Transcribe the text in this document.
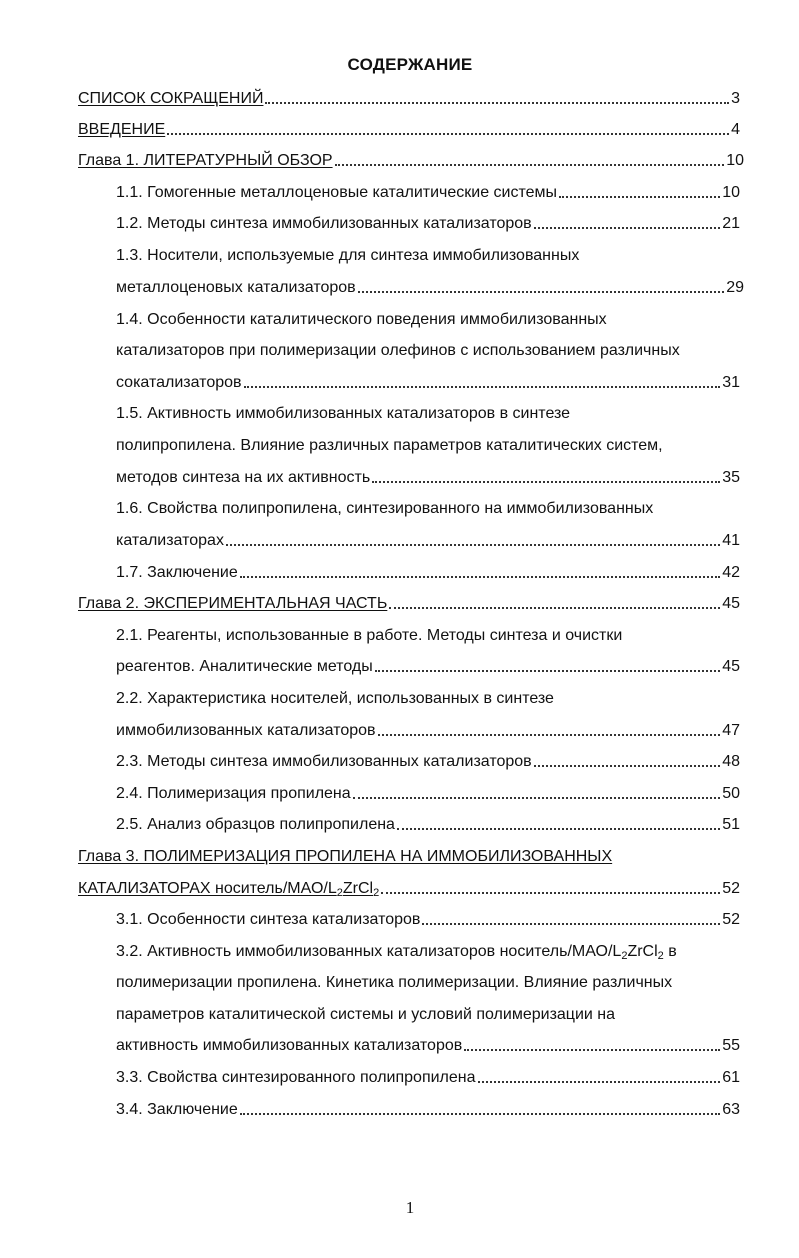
СОДЕРЖАНИЕ
СПИСОК СОКРАЩЕНИЙ	3
ВВЕДЕНИЕ	4
Глава 1. ЛИТЕРАТУРНЫЙ ОБЗОР	10
1.1. Гомогенные металлоценовые каталитические системы	10
1.2. Методы синтеза иммобилизованных катализаторов	21
1.3. Носители, используемые для синтеза иммобилизованных
металлоценовых катализаторов	29
1.4. Особенности каталитического поведения иммобилизованных
катализаторов при полимеризации олефинов с использованием различных
сокатализаторов	31
1.5. Активность иммобилизованных катализаторов в синтезе
полипропилена. Влияние различных параметров каталитических систем,
методов синтеза на их активность	35
1.6. Свойства полипропилена, синтезированного на иммобилизованных
катализаторах	41
1.7. Заключение	42
Глава 2. ЭКСПЕРИМЕНТАЛЬНАЯ ЧАСТЬ	45
2.1. Реагенты, использованные в работе. Методы синтеза и очистки
реагентов. Аналитические методы	45
2.2. Характеристика носителей, использованных в синтезе
иммобилизованных катализаторов	47
2.3. Методы синтеза иммобилизованных катализаторов	48
2.4. Полимеризация пропилена	50
2.5. Анализ образцов полипропилена	51
Глава 3. ПОЛИМЕРИЗАЦИЯ ПРОПИЛЕНА НА ИММОБИЛИЗОВАННЫХ
КАТАЛИЗАТОРАХ носитель/$МАО/L_2ZrCl_2$	52
3.1. Особенности синтеза катализаторов	52
3.2. Активность иммобилизованных катализаторов носитель/$МАО/L_2ZrCl_2$ в
полимеризации пропилена. Кинетика полимеризации. Влияние различных
параметров каталитической системы и условий полимеризации на
активность иммобилизованных катализаторов	55
3.3. Свойства синтезированного полипропилена	61
3.4. Заключение	63
1
